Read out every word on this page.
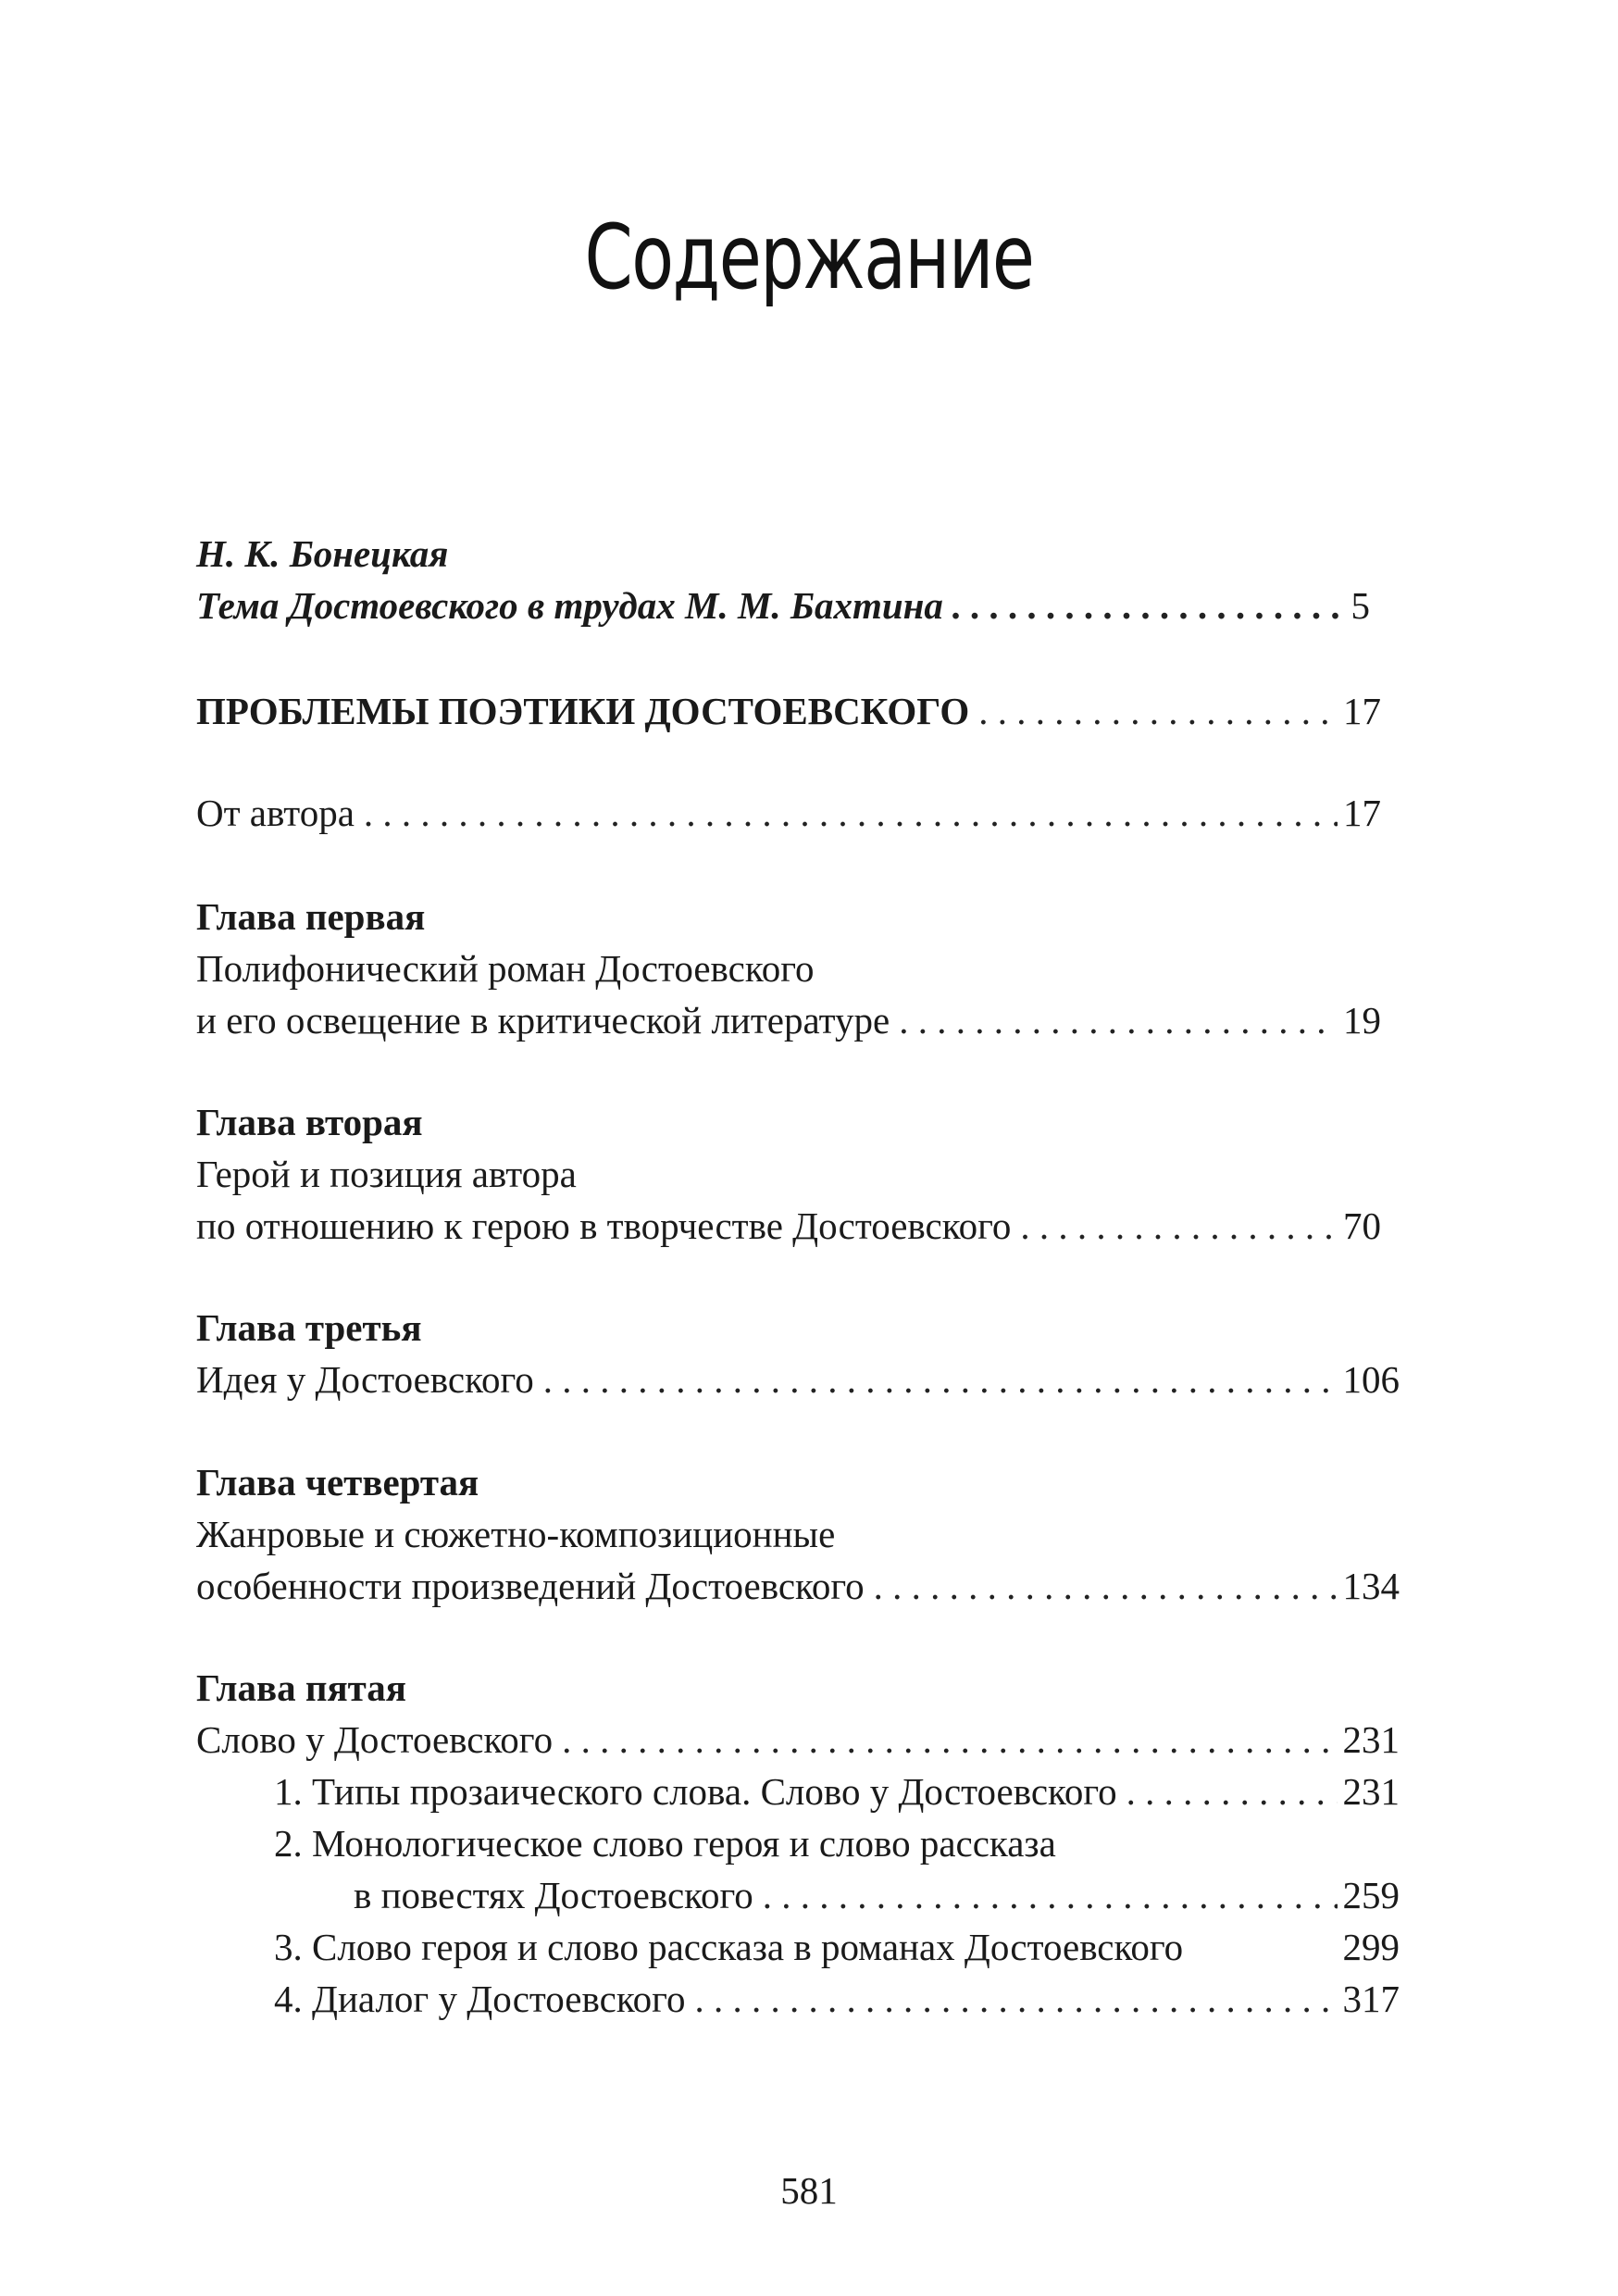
Содержание
Н. К. Бонецкая
Тема Достоевского в трудах М. М. Бахтина . . .	5
ПРОБЛЕМЫ ПОЭТИКИ ДОСТОЕВСКОГО . . .	17
От автора . . .	17
Глава первая
Полифонический роман Достоевского
и его освещение в критической литературе . . .	19
Глава вторая
Герой и позиция автора
по отношению к герою в творчестве Достоевского . . .	70
Глава третья
Идея у Достоевского . . .	106
Глава четвертая
Жанровые и сюжетно-композиционные
особенности произведений Достоевского . . .	134
Глава пятая
Слово у Достоевского . . .	231
1. Типы прозаического слова. Слово у Достоевского . . .	231
2. Монологическое слово героя и слово рассказа
в повестях Достоевского . . .	259
3. Слово героя и слово рассказа в романах Достоевского	299
4. Диалог у Достоевского . . .	317
581
